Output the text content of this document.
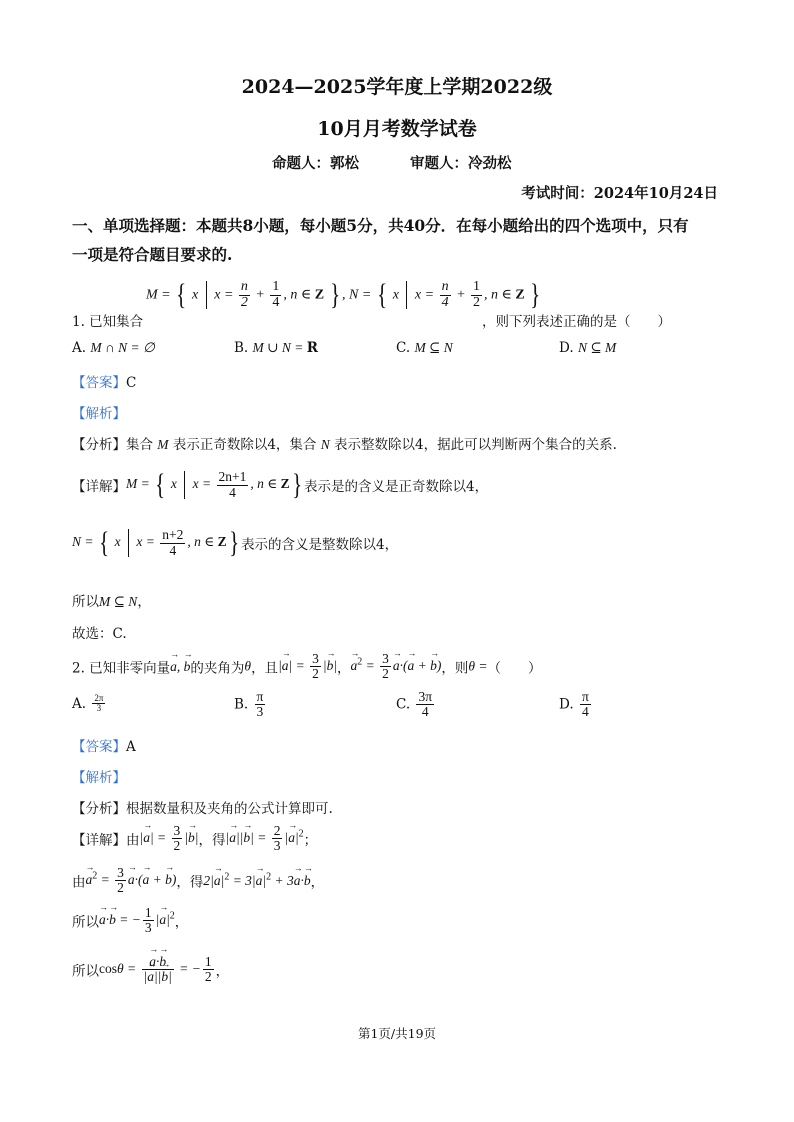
2024—2025学年度上学期2022级
10月月考数学试卷
命题人：郭松	审题人：冷劲松
考试时间：2024年10月24日
一、单项选择题：本题共8小题，每小题5分，共40分．在每小题给出的四个选项中，只有
一项是符合题目要求的.
M = { x  $x = \frac{n}{2} + \frac{1}{4}$ , n ∈ Z } , N = { x  $x = \frac{n}{4} + \frac{1}{2}$ , n ∈ Z }
1. 已知集合	，则下列表述正确的是（　　）
A. M ∩ N = ∅	B. M ∪ N = R	C. M ⊆ N	D. N ⊆ M
【答案】C
【解析】
【分析】集合 M 表示正奇数除以4，集合 N 表示整数除以4，据此可以判断两个集合的关系.
【详解】M = { x  $x = \frac{2n+1}{4}$ , n ∈ Z} 表示是的含义是正奇数除以4，
N = { x  $x = \frac{n+2}{4}$ , n ∈ Z} 表示的含义是整数除以4，
所以M ⊆ N，
故选：C.
2. 已知非零向量→ a, → b的夹角为θ，且|→ $a| = \frac{3}{2}$ |→ b|，→ $a^2 = \frac{3}{2}$
→ a·(→ a + → b)，则θ =（　　）
A. $\frac{2\pi}{3}$	B. $\frac{\pi}{3}$	C. $\frac{3\pi}{4}$	D. $\frac{\pi}{4}$
【答案】A
【解析】
【分析】根据数量积及夹角的公式计算即可.
【详解】由|→ $a| = \frac{3}{2}$ |→ b|，得|→ $a||\to b| = \frac{2}{3}$ |→ $a|^2$；
由→ $a^2 = \frac{3}{2}$
→ a·(→ a + → b)，得$2|\to a|^2 = 3|\to a|^2 + 3\to a\cdot\to b$，
所以→ a·→ b = − $\frac{1}{3}$ |→ $a|^2$，
所以cosθ =
→ $\frac{a\cdot\to b}{|\to a||\to b|}$ = − $\frac{1}{2}$ ，
第1页/共19页
